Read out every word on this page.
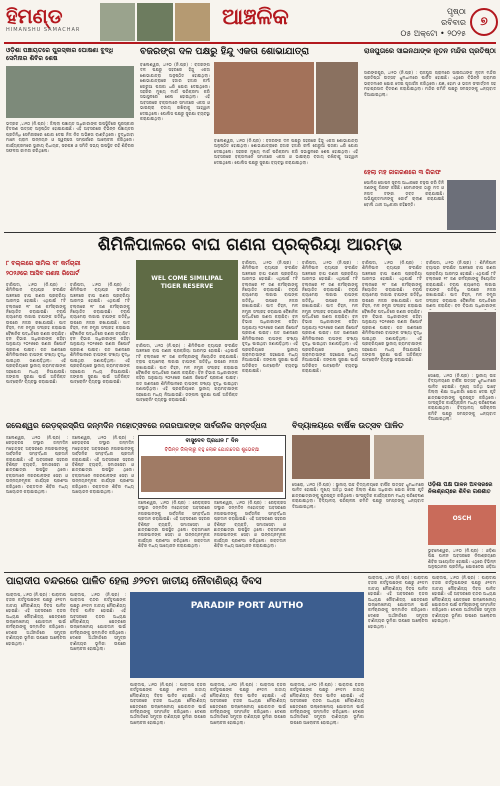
ହିମଣ୍ଡ
HIMANSHU SAMACHAR	ଆଞ୍ଚଳିକ	ପୃଷ୍ଠା
ରବିବାର
୦୫ ଅକ୍ଟୋ • ୨୦୨୫
୭
ଓଡ଼ିଶା ପଞ୍ଚାୟତରେ ପୁରସ୍କାର ଘୋଷଣା ବୁଦ୍ଧି ସେମିନାର ଶିବିର ଶେଷ
ଭଦ୍ରକ ,୪ା୧୦ (ନି.ପ୍ର) : ଜିଲ୍ଲା ପଞ୍ଚାୟତ ଅଧିକାରୀଙ୍କ ଉପସ୍ଥିତିରେ ପୁରସ୍କାର ବିତରଣ ଉତ୍ସବ ଅନୁଷ୍ଠିତ ହୋଇଯାଇଛି। ଏହି ଅବସରରେ ବିଭିନ୍ନ ପଞ୍ଚାୟତର ପ୍ରତିନିଧି ସେମିନାରରେ ଯୋଗ ଦେଇ ନିଜ ନିଜ ଅଭିଜ୍ଞତା ବାଣ୍ଟିଥିଲେ। ବୁଦ୍ଧିଜୀବୀ ମାନେ ଗ୍ରାମ ଉନ୍ନୟନ ଓ ସ୍ୱଚ୍ଛତା ସମ୍ପର୍କରେ ଆଲୋଚନା କରିଥିଲେ। କାର୍ଯ୍ୟକ୍ରମରେ ସ୍ଥାନୀୟ ବିଧାୟକ, ସରପଞ୍ଚ ଓ ସମିତି ସଭ୍ୟ ଉପସ୍ଥିତ ରହି ଶିବିରର ସଫଳତା କାମନା କରିଥିଲେ।
ବଜରଙ୍ଗ ଦଳ ପକ୍ଷରୁ ହିନ୍ଦୁ ଏକତା ଶୋଭାଯାତ୍ରା
ବାଲେଶ୍ୱର, ୪ା୧୦ (ନି.ପ୍ର) : ବଜରଙ୍ଗ ଦଳ ପକ୍ଷରୁ ସହରରେ ହିନ୍ଦୁ ଏକତା ଶୋଭାଯାତ୍ରା ଅନୁଷ୍ଠିତ ହୋଇଥିଲା। ଶୋଭାଯାତ୍ରାରେ ହଜାର ହଜାର କର୍ମୀ ଗେରୁଆ ପତାକା ଧରି ଯୋଗ ଦେଇଥିଲେ। ସହରର ମୁଖ୍ୟ ମାର୍ଗ ପରିକ୍ରମା କରି ସଭାସ୍ଥଳରେ ଶେଷ ହୋଇଥିଲା। ଏହି ଅବସରରେ ବକ୍ତାମାନେ ସମାଜରେ ଏକତା ଓ ଭାଇଚାରା ବଜାୟ ରଖିବାକୁ ଆହ୍ୱାନ ଦେଇଥିଲେ। ପୋଲିସ ପକ୍ଷରୁ ସୁରକ୍ଷା ବ୍ୟବସ୍ଥା କରାଯାଇଥିଲା।
ବାଲେଶ୍ୱର, ୪ା୧୦ (ନି.ପ୍ର) : ବଜରଙ୍ଗ ଦଳ ପକ୍ଷରୁ ସହରରେ ହିନ୍ଦୁ ଏକତା ଶୋଭାଯାତ୍ରା ଅନୁଷ୍ଠିତ ହୋଇଥିଲା। ଶୋଭାଯାତ୍ରାରେ ହଜାର ହଜାର କର୍ମୀ ଗେରୁଆ ପତାକା ଧରି ଯୋଗ ଦେଇଥିଲେ। ସହରର ମୁଖ୍ୟ ମାର୍ଗ ପରିକ୍ରମା କରି ସଭାସ୍ଥଳରେ ଶେଷ ହୋଇଥିଲା। ଏହି ଅବସରରେ ବକ୍ତାମାନେ ସମାଜରେ ଏକତା ଓ ଭାଇଚାରା ବଜାୟ ରଖିବାକୁ ଆହ୍ୱାନ ଦେଇଥିଲେ। ପୋଲିସ ପକ୍ଷରୁ ସୁରକ୍ଷା ବ୍ୟବସ୍ଥା କରାଯାଇଥିଲା।
ରାଜପୁତାରେ ସାଇନଥାଙ୍କ ନୂତନ ମନ୍ଦିର ପ୍ରତିଷ୍ଠା
ସାରଙ୍ଗପୁର, ୪ା୧୦ (ନି.ପ୍ର) : ରାଜପୁତା ଗ୍ରାମରେ ସାଇନାଥଙ୍କ ନୂତନ ମନ୍ଦିର ପ୍ରତିଷ୍ଠା ଉତ୍ସବ ଧୁମଧାମରେ ପାଳିତ ହୋଇଛି। ଏଥିରେ ବିଭିନ୍ନ ଗ୍ରାମର ଭକ୍ତମାନେ ଯୋଗ ଦେଇ ପୂଜାର୍ଚ୍ଚନା କରିଥିଲେ। ଯଜ୍ଞ, ହୋମ ଓ ଭଜନ ସଂକୀର୍ତ୍ତନ ସହ ମହାପ୍ରସାଦ ବିତରଣ କରାଯାଇଥିଲା। ମନ୍ଦିର କମିଟି ପକ୍ଷରୁ ସମସ୍ତଙ୍କୁ ଧନ୍ୟବାଦ ଦିଆଯାଇଥିଲା।
ହେଲା ମହ ଜାଗରଣରେ ୩ ଗିରଫ
ପୋଲିସ ଗୋପନ ସୂଚନା ଆଧାରରେ ଚଢ଼ଉ କରି ତିନି ଜଣଙ୍କୁ ଗିରଫ କରିଛି। ସେମାନଙ୍କ ଠାରୁ ମଦ ଓ ନଗଦ ଟଙ୍କା ଜବତ କରାଯାଇଛି। ଅଭିଯୁକ୍ତମାନଙ୍କୁ କୋର୍ଟ ଚାଲାଣ କରାଯାଇଛି ବୋଲି ଥାନା ଅଧିକାରୀ କହିଛନ୍ତି।
ଶିମିଳିପାଳରେ ବାଘ ଗଣନା ପ୍ରକ୍ରିୟା ଆରମ୍ଭ
୮ ବଲ୍ଲରେ ସାମିଲ ୧୮ କର୍ମଚାରୀ
୨୦୨୬ରେ ଆସିବ ଗଣନା ରିପୋର୍ଟ
ବାରିପଦା, ୪ା୧୦ (ନି.ପ୍ର) : ଶିମିଳିପାଳ ବ୍ୟାଘ୍ର ସଂରକ୍ଷିତ ଅଞ୍ଚଳରେ ବାଘ ଗଣନା ପ୍ରକ୍ରିୟା ଆରମ୍ଭ ହୋଇଛି। ଏଥିପାଇଁ ୮ଟି ବଲ୍ଲରେ ୧୮ ଜଣ କର୍ମଚାରୀଙ୍କୁ ନିୟୋଜିତ କରାଯାଇଛି। ଟ୍ରାପ କ୍ୟାମେରା ଲଗାଇ ବାଘଙ୍କ ଗତିବିଧି ଉପରେ ନଜର ରଖାଯାଉଛି। ପାଦ ଚିହ୍ନ, ମଳ ନମୁନା ସଂଗ୍ରହ କରାଯାଇ ବୈଜ୍ଞାନିକ ପଦ୍ଧତିରେ ଗଣନା କରାଯିବ। ବନ ବିଭାଗ ଅଧିକାରୀଙ୍କ କହିବା ଅନୁଯାୟୀ ୨୦୨୬ରେ ଗଣନା ରିପୋର୍ଟ ପ୍ରକାଶ ପାଇବ। ଗତ ଗଣନାରେ ଶିମିଳିପାଳରେ ବାଘଙ୍କ ସଂଖ୍ୟା ବୃଦ୍ଧି ପାଇଥିବା ଜଣାପଡ଼ିଥିଲା। ଏହି ପ୍ରକ୍ରିୟାରେ ସ୍ଥାନୀୟ ଗ୍ରାମବାସୀଙ୍କ ସହଯୋଗ ମଧ୍ୟ ନିଆଯାଉଛି। ଜଙ୍ଗଲ ସୁରକ୍ଷା ପାଇଁ ଅତିରିକ୍ତ ପାଟ୍ରୋଲିଂ ବ୍ୟବସ୍ଥା କରାଯାଇଛି।
ବାରିପଦା, ୪ା୧୦ (ନି.ପ୍ର) : ଶିମିଳିପାଳ ବ୍ୟାଘ୍ର ସଂରକ୍ଷିତ ଅଞ୍ଚଳରେ ବାଘ ଗଣନା ପ୍ରକ୍ରିୟା ଆରମ୍ଭ ହୋଇଛି। ଏଥିପାଇଁ ୮ଟି ବଲ୍ଲରେ ୧୮ ଜଣ କର୍ମଚାରୀଙ୍କୁ ନିୟୋଜିତ କରାଯାଇଛି। ଟ୍ରାପ କ୍ୟାମେରା ଲଗାଇ ବାଘଙ୍କ ଗତିବିଧି ଉପରେ ନଜର ରଖାଯାଉଛି। ପାଦ ଚିହ୍ନ, ମଳ ନମୁନା ସଂଗ୍ରହ କରାଯାଇ ବୈଜ୍ଞାନିକ ପଦ୍ଧତିରେ ଗଣନା କରାଯିବ। ବନ ବିଭାଗ ଅଧିକାରୀଙ୍କ କହିବା ଅନୁଯାୟୀ ୨୦୨୬ରେ ଗଣନା ରିପୋର୍ଟ ପ୍ରକାଶ ପାଇବ। ଗତ ଗଣନାରେ ଶିମିଳିପାଳରେ ବାଘଙ୍କ ସଂଖ୍ୟା ବୃଦ୍ଧି ପାଇଥିବା ଜଣାପଡ଼ିଥିଲା। ଏହି ପ୍ରକ୍ରିୟାରେ ସ୍ଥାନୀୟ ଗ୍ରାମବାସୀଙ୍କ ସହଯୋଗ ମଧ୍ୟ ନିଆଯାଉଛି। ଜଙ୍ଗଲ ସୁରକ୍ଷା ପାଇଁ ଅତିରିକ୍ତ ପାଟ୍ରୋଲିଂ ବ୍ୟବସ୍ଥା କରାଯାଇଛି।
WEL COME SIMILIPAL TIGER RESERVE
ବାରିପଦା, ୪ା୧୦ (ନି.ପ୍ର) : ଶିମିଳିପାଳ ବ୍ୟାଘ୍ର ସଂରକ୍ଷିତ ଅଞ୍ଚଳରେ ବାଘ ଗଣନା ପ୍ରକ୍ରିୟା ଆରମ୍ଭ ହୋଇଛି। ଏଥିପାଇଁ ୮ଟି ବଲ୍ଲରେ ୧୮ ଜଣ କର୍ମଚାରୀଙ୍କୁ ନିୟୋଜିତ କରାଯାଇଛି। ଟ୍ରାପ କ୍ୟାମେରା ଲଗାଇ ବାଘଙ୍କ ଗତିବିଧି ଉପରେ ନଜର ରଖାଯାଉଛି। ପାଦ ଚିହ୍ନ, ମଳ ନମୁନା ସଂଗ୍ରହ କରାଯାଇ ବୈଜ୍ଞାନିକ ପଦ୍ଧତିରେ ଗଣନା କରାଯିବ। ବନ ବିଭାଗ ଅଧିକାରୀଙ୍କ କହିବା ଅନୁଯାୟୀ ୨୦୨୬ରେ ଗଣନା ରିପୋର୍ଟ ପ୍ରକାଶ ପାଇବ। ଗତ ଗଣନାରେ ଶିମିଳିପାଳରେ ବାଘଙ୍କ ସଂଖ୍ୟା ବୃଦ୍ଧି ପାଇଥିବା ଜଣାପଡ଼ିଥିଲା। ଏହି ପ୍ରକ୍ରିୟାରେ ସ୍ଥାନୀୟ ଗ୍ରାମବାସୀଙ୍କ ସହଯୋଗ ମଧ୍ୟ ନିଆଯାଉଛି। ଜଙ୍ଗଲ ସୁରକ୍ଷା ପାଇଁ ଅତିରିକ୍ତ ପାଟ୍ରୋଲିଂ ବ୍ୟବସ୍ଥା କରାଯାଇଛି।
ବାରିପଦା, ୪ା୧୦ (ନି.ପ୍ର) : ଶିମିଳିପାଳ ବ୍ୟାଘ୍ର ସଂରକ୍ଷିତ ଅଞ୍ଚଳରେ ବାଘ ଗଣନା ପ୍ରକ୍ରିୟା ଆରମ୍ଭ ହୋଇଛି। ଏଥିପାଇଁ ୮ଟି ବଲ୍ଲରେ ୧୮ ଜଣ କର୍ମଚାରୀଙ୍କୁ ନିୟୋଜିତ କରାଯାଇଛି। ଟ୍ରାପ କ୍ୟାମେରା ଲଗାଇ ବାଘଙ୍କ ଗତିବିଧି ଉପରେ ନଜର ରଖାଯାଉଛି। ପାଦ ଚିହ୍ନ, ମଳ ନମୁନା ସଂଗ୍ରହ କରାଯାଇ ବୈଜ୍ଞାନିକ ପଦ୍ଧତିରେ ଗଣନା କରାଯିବ। ବନ ବିଭାଗ ଅଧିକାରୀଙ୍କ କହିବା ଅନୁଯାୟୀ ୨୦୨୬ରେ ଗଣନା ରିପୋର୍ଟ ପ୍ରକାଶ ପାଇବ। ଗତ ଗଣନାରେ ଶିମିଳିପାଳରେ ବାଘଙ୍କ ସଂଖ୍ୟା ବୃଦ୍ଧି ପାଇଥିବା ଜଣାପଡ଼ିଥିଲା। ଏହି ପ୍ରକ୍ରିୟାରେ ସ୍ଥାନୀୟ ଗ୍ରାମବାସୀଙ୍କ ସହଯୋଗ ମଧ୍ୟ ନିଆଯାଉଛି। ଜଙ୍ଗଲ ସୁରକ୍ଷା ପାଇଁ ଅତିରିକ୍ତ ପାଟ୍ରୋଲିଂ ବ୍ୟବସ୍ଥା କରାଯାଇଛି।
ବାରିପଦା, ୪ା୧୦ (ନି.ପ୍ର) : ଶିମିଳିପାଳ ବ୍ୟାଘ୍ର ସଂରକ୍ଷିତ ଅଞ୍ଚଳରେ ବାଘ ଗଣନା ପ୍ରକ୍ରିୟା ଆରମ୍ଭ ହୋଇଛି। ଏଥିପାଇଁ ୮ଟି ବଲ୍ଲରେ ୧୮ ଜଣ କର୍ମଚାରୀଙ୍କୁ ନିୟୋଜିତ କରାଯାଇଛି। ଟ୍ରାପ କ୍ୟାମେରା ଲଗାଇ ବାଘଙ୍କ ଗତିବିଧି ଉପରେ ନଜର ରଖାଯାଉଛି। ପାଦ ଚିହ୍ନ, ମଳ ନମୁନା ସଂଗ୍ରହ କରାଯାଇ ବୈଜ୍ଞାନିକ ପଦ୍ଧତିରେ ଗଣନା କରାଯିବ। ବନ ବିଭାଗ ଅଧିକାରୀଙ୍କ କହିବା ଅନୁଯାୟୀ ୨୦୨୬ରେ ଗଣନା ରିପୋର୍ଟ ପ୍ରକାଶ ପାଇବ। ଗତ ଗଣନାରେ ଶିମିଳିପାଳରେ ବାଘଙ୍କ ସଂଖ୍ୟା ବୃଦ୍ଧି ପାଇଥିବା ଜଣାପଡ଼ିଥିଲା। ଏହି ପ୍ରକ୍ରିୟାରେ ସ୍ଥାନୀୟ ଗ୍ରାମବାସୀଙ୍କ ସହଯୋଗ ମଧ୍ୟ ନିଆଯାଉଛି। ଜଙ୍ଗଲ ସୁରକ୍ଷା ପାଇଁ ଅତିରିକ୍ତ ପାଟ୍ରୋଲିଂ ବ୍ୟବସ୍ଥା କରାଯାଇଛି।
ବାରିପଦା, ୪ା୧୦ (ନି.ପ୍ର) : ଶିମିଳିପାଳ ବ୍ୟାଘ୍ର ସଂରକ୍ଷିତ ଅଞ୍ଚଳରେ ବାଘ ଗଣନା ପ୍ରକ୍ରିୟା ଆରମ୍ଭ ହୋଇଛି। ଏଥିପାଇଁ ୮ଟି ବଲ୍ଲରେ ୧୮ ଜଣ କର୍ମଚାରୀଙ୍କୁ ନିୟୋଜିତ କରାଯାଇଛି। ଟ୍ରାପ କ୍ୟାମେରା ଲଗାଇ ବାଘଙ୍କ ଗତିବିଧି ଉପରେ ନଜର ରଖାଯାଉଛି। ପାଦ ଚିହ୍ନ, ମଳ ନମୁନା ସଂଗ୍ରହ କରାଯାଇ ବୈଜ୍ଞାନିକ ପଦ୍ଧତିରେ ଗଣନା କରାଯିବ। ବନ ବିଭାଗ ଅଧିକାରୀଙ୍କ କହିବା ଅନୁଯାୟୀ ୨୦୨୬ରେ ଗଣନା ରିପୋର୍ଟ ପ୍ରକାଶ ପାଇବ। ଗତ ଗଣନାରେ ଶିମିଳିପାଳରେ ବାଘଙ୍କ ସଂଖ୍ୟା ବୃଦ୍ଧି ପାଇଥିବା ଜଣାପଡ଼ିଥିଲା। ଏହି ପ୍ରକ୍ରିୟାରେ ସ୍ଥାନୀୟ ଗ୍ରାମବାସୀଙ୍କ ସହଯୋଗ ମଧ୍ୟ ନିଆଯାଉଛି। ଜଙ୍ଗଲ ସୁରକ୍ଷା ପାଇଁ ଅତିରିକ୍ତ ପାଟ୍ରୋଲିଂ ବ୍ୟବସ୍ଥା କରାଯାଇଛି।
ବାରିପଦା, ୪ା୧୦ (ନି.ପ୍ର) : ଶିମିଳିପାଳ ବ୍ୟାଘ୍ର ସଂରକ୍ଷିତ ଅଞ୍ଚଳରେ ବାଘ ଗଣନା ପ୍ରକ୍ରିୟା ଆରମ୍ଭ ହୋଇଛି। ଏଥିପାଇଁ ୮ଟି ବଲ୍ଲରେ ୧୮ ଜଣ କର୍ମଚାରୀଙ୍କୁ ନିୟୋଜିତ କରାଯାଇଛି। ଟ୍ରାପ କ୍ୟାମେରା ଲଗାଇ ବାଘଙ୍କ ଗତିବିଧି ଉପରେ ନଜର ରଖାଯାଉଛି। ପାଦ ଚିହ୍ନ, ମଳ ନମୁନା ସଂଗ୍ରହ କରାଯାଇ ବୈଜ୍ଞାନିକ ପଦ୍ଧତିରେ ଗଣନା କରାଯିବ। ବନ ବିଭାଗ ଅଧିକାରୀଙ୍କ
ଜଲେଶ୍ୱର ରେଡ଼କ୍ରସ୍ରିପ ଜନ୍ମଦିନ ମହୋତ୍ସବରେ ନଗରପାଳଙ୍କ ସାର୍ବଜନିକ ସମ୍ବର୍ଦ୍ଧନା
ଜଲେଶ୍ୱର, ୪ା୧୦ (ନି.ପ୍ର) : ରେଡ଼କ୍ରସ ସଂସ୍ଥାର ଜନ୍ମଦିନ ମହୋତ୍ସବ ଅବସରରେ ନଗରପାଳଙ୍କୁ ସାର୍ବଜନିକ ସମ୍ବର୍ଦ୍ଧନା ପ୍ରଦାନ କରାଯାଇଛି। ଏହି ଅବସରରେ ସହରର ବିଶିଷ୍ଟ ବ୍ୟକ୍ତି, ସମାଜସେବୀ ଓ ଛାତ୍ରଛାତ୍ରୀ ଉପସ୍ଥିତ ଥିଲେ। ବକ୍ତାମାନେ ନଗରପାଳଙ୍କ ସେବା ଓ ଉନ୍ନୟନମୂଳକ କାର୍ଯ୍ୟର ପ୍ରଶଂସା କରିଥିଲେ। ରକ୍ତଦାନ ଶିବିର ମଧ୍ୟ ଆୟୋଜନ କରାଯାଇଥିଲା।
ଜଲେଶ୍ୱର, ୪ା୧୦ (ନି.ପ୍ର) : ରେଡ଼କ୍ରସ ସଂସ୍ଥାର ଜନ୍ମଦିନ ମହୋତ୍ସବ ଅବସରରେ ନଗରପାଳଙ୍କୁ ସାର୍ବଜନିକ ସମ୍ବର୍ଦ୍ଧନା ପ୍ରଦାନ କରାଯାଇଛି। ଏହି ଅବସରରେ ସହରର ବିଶିଷ୍ଟ ବ୍ୟକ୍ତି, ସମାଜସେବୀ ଓ ଛାତ୍ରଛାତ୍ରୀ ଉପସ୍ଥିତ ଥିଲେ। ବକ୍ତାମାନେ ନଗରପାଳଙ୍କ ସେବା ଓ ଉନ୍ନୟନମୂଳକ କାର୍ଯ୍ୟର ପ୍ରଶଂସା କରିଥିଲେ। ରକ୍ତଦାନ ଶିବିର ମଧ୍ୟ ଆୟୋଜନ କରାଯାଇଥିଲା।
ବାସୁଦେବ ପ୍ରଧାନ ୮ ଦିନ
ବିଭିନ୍ନ ଜିଲ୍ଲାରୁ ବହୁ ଲୋକ ଯୋଗଦେଇ ଶୁଭେଚ୍ଛା
ଜଲେଶ୍ୱର, ୪ା୧୦ (ନି.ପ୍ର) : ରେଡ଼କ୍ରସ ସଂସ୍ଥାର ଜନ୍ମଦିନ ମହୋତ୍ସବ ଅବସରରେ ନଗରପାଳଙ୍କୁ ସାର୍ବଜନିକ ସମ୍ବର୍ଦ୍ଧନା ପ୍ରଦାନ କରାଯାଇଛି। ଏହି ଅବସରରେ ସହରର ବିଶିଷ୍ଟ ବ୍ୟକ୍ତି, ସମାଜସେବୀ ଓ ଛାତ୍ରଛାତ୍ରୀ ଉପସ୍ଥିତ ଥିଲେ। ବକ୍ତାମାନେ ନଗରପାଳଙ୍କ ସେବା ଓ ଉନ୍ନୟନମୂଳକ କାର୍ଯ୍ୟର ପ୍ରଶଂସା କରିଥିଲେ। ରକ୍ତଦାନ ଶିବିର ମଧ୍ୟ ଆୟୋଜନ କରାଯାଇଥିଲା।
ଜଲେଶ୍ୱର, ୪ା୧୦ (ନି.ପ୍ର) : ରେଡ଼କ୍ରସ ସଂସ୍ଥାର ଜନ୍ମଦିନ ମହୋତ୍ସବ ଅବସରରେ ନଗରପାଳଙ୍କୁ ସାର୍ବଜନିକ ସମ୍ବର୍ଦ୍ଧନା ପ୍ରଦାନ କରାଯାଇଛି। ଏହି ଅବସରରେ ସହରର ବିଶିଷ୍ଟ ବ୍ୟକ୍ତି, ସମାଜସେବୀ ଓ ଛାତ୍ରଛାତ୍ରୀ ଉପସ୍ଥିତ ଥିଲେ। ବକ୍ତାମାନେ ନଗରପାଳଙ୍କ ସେବା ଓ ଉନ୍ନୟନମୂଳକ କାର୍ଯ୍ୟର ପ୍ରଶଂସା କରିଥିଲେ। ରକ୍ତଦାନ ଶିବିର ମଧ୍ୟ ଆୟୋଜନ କରାଯାଇଥିଲା।
ବିଦ୍ୟାଳୟରେ ବାର୍ଷିକ ଉତ୍ସବ ପାଳିତ
ସୋରୋ, ୪ା୧୦ (ନି.ପ୍ର) : ସ୍ଥାନୀୟ ଉଚ୍ଚ ବିଦ୍ୟାଳୟରେ ବାର୍ଷିକ ଉତ୍ସବ ଧୁମଧାମରେ ପାଳିତ ହୋଇଛି। ମୁଖ୍ୟ ଅତିଥି ଭାବେ ଜିଲ୍ଲା ଶିକ୍ଷା ଅଧିକାରୀ ଯୋଗ ଦେଇ କୃତି ଛାତ୍ରଛାତ୍ରୀଙ୍କୁ ପୁରସ୍କୃତ କରିଥିଲେ। ସାଂସ୍କୃତିକ କାର୍ଯ୍ୟକ୍ରମ ମଧ୍ୟ ପରିବେଷଣ କରାଯାଇଥିଲା। ବିଦ୍ୟାଳୟ ପରିଚାଳନା କମିଟି ପକ୍ଷରୁ ସମସ୍ତଙ୍କୁ ଧନ୍ୟବାଦ ଦିଆଯାଇଥିଲା।
ସୋରୋ, ୪ା୧୦ (ନି.ପ୍ର) : ସ୍ଥାନୀୟ ଉଚ୍ଚ ବିଦ୍ୟାଳୟରେ ବାର୍ଷିକ ଉତ୍ସବ ଧୁମଧାମରେ ପାଳିତ ହୋଇଛି। ମୁଖ୍ୟ ଅତିଥି ଭାବେ ଜିଲ୍ଲା ଶିକ୍ଷା ଅଧିକାରୀ ଯୋଗ ଦେଇ କୃତି ଛାତ୍ରଛାତ୍ରୀଙ୍କୁ ପୁରସ୍କୃତ କରିଥିଲେ। ସାଂସ୍କୃତିକ କାର୍ଯ୍ୟକ୍ରମ ମଧ୍ୟ ପରିବେଷଣ କରାଯାଇଥିଲା। ବିଦ୍ୟାଳୟ ପରିଚାଳନା କମିଟି ପକ୍ଷରୁ ସମସ୍ତଙ୍କୁ ଧନ୍ୟବାଦ ଦିଆଯାଇଥିଲା।
ଓଡ଼ିଶା ପକ୍ଷ ପାଳନ ଅବସରରେ ନିଳାଶ୍ରୟରେ ଶିବିର ଗଣଶୀତ
OSCH
ଭୁବନେଶ୍ୱର, ୪ା୧୦ (ନି.ପ୍ର) : ଓଡ଼ିଶା ପକ୍ଷ ପାଳନ ଅବସରରେ ନିଳାଶ୍ରୟରେ ଶିବିର ଆୟୋଜିତ ହୋଇଛି। ଏଥିରେ ବିଭିନ୍ନ ଅନୁଷ୍ଠାନର ପ୍ରତିନିଧି ଯୋଗଦେଇ ଓଡ଼ିଆ
ପାରାଦୀପ ବନ୍ଦରରେ ପାଳିତ ହେଲା ୬୨ତମ ଜାତୀୟ ନୌବାଣିଜ୍ୟ ଦିବସ
ପାରାଦୀପ, ୪ା୧୦ (ନି.ପ୍ର) : ପାରାଦୀପ ବନ୍ଦର କର୍ତ୍ତୃପକ୍ଷଙ୍କ ପକ୍ଷରୁ ୬୨ତମ ଜାତୀୟ ନୌବାଣିଜ୍ୟ ଦିବସ ପାଳିତ ହୋଇଛି। ଏହି ଅବସରରେ ବନ୍ଦର ଅଧ୍ୟକ୍ଷ ନୌବାଣିଜ୍ୟ କ୍ଷେତ୍ରରେ ଉଲ୍ଲେଖନୀୟ ଯୋଗଦାନ ପାଇଁ କର୍ମଚାରୀଙ୍କୁ ସମ୍ମାନିତ କରିଥିଲେ। ଦେଶର ଅର୍ଥନୀତିରେ ସମୁଦ୍ର ବାଣିଜ୍ୟର ଭୂମିକା ଉପରେ ଆଲୋଚନା ହୋଇଥିଲା।
ପାରାଦୀପ, ୪ା୧୦ (ନି.ପ୍ର) : ପାରାଦୀପ ବନ୍ଦର କର୍ତ୍ତୃପକ୍ଷଙ୍କ ପକ୍ଷରୁ ୬୨ତମ ଜାତୀୟ ନୌବାଣିଜ୍ୟ ଦିବସ ପାଳିତ ହୋଇଛି। ଏହି ଅବସରରେ ବନ୍ଦର ଅଧ୍ୟକ୍ଷ ନୌବାଣିଜ୍ୟ କ୍ଷେତ୍ରରେ ଉଲ୍ଲେଖନୀୟ ଯୋଗଦାନ ପାଇଁ କର୍ମଚାରୀଙ୍କୁ ସମ୍ମାନିତ କରିଥିଲେ। ଦେଶର ଅର୍ଥନୀତିରେ ସମୁଦ୍ର ବାଣିଜ୍ୟର ଭୂମିକା ଉପରେ ଆଲୋଚନା ହୋଇଥିଲା।
PARADIP PORT AUTHO
ପାରାଦୀପ, ୪ା୧୦ (ନି.ପ୍ର) : ପାରାଦୀପ ବନ୍ଦର କର୍ତ୍ତୃପକ୍ଷଙ୍କ ପକ୍ଷରୁ ୬୨ତମ ଜାତୀୟ ନୌବାଣିଜ୍ୟ ଦିବସ ପାଳିତ ହୋଇଛି। ଏହି ଅବସରରେ ବନ୍ଦର ଅଧ୍ୟକ୍ଷ ନୌବାଣିଜ୍ୟ କ୍ଷେତ୍ରରେ ଉଲ୍ଲେଖନୀୟ ଯୋଗଦାନ ପାଇଁ କର୍ମଚାରୀଙ୍କୁ ସମ୍ମାନିତ କରିଥିଲେ। ଦେଶର ଅର୍ଥନୀତିରେ ସମୁଦ୍ର ବାଣିଜ୍ୟର ଭୂମିକା ଉପରେ ଆଲୋଚନା ହୋଇଥିଲା।
ପାରାଦୀପ, ୪ା୧୦ (ନି.ପ୍ର) : ପାରାଦୀପ ବନ୍ଦର କର୍ତ୍ତୃପକ୍ଷଙ୍କ ପକ୍ଷରୁ ୬୨ତମ ଜାତୀୟ ନୌବାଣିଜ୍ୟ ଦିବସ ପାଳିତ ହୋଇଛି। ଏହି ଅବସରରେ ବନ୍ଦର ଅଧ୍ୟକ୍ଷ ନୌବାଣିଜ୍ୟ କ୍ଷେତ୍ରରେ ଉଲ୍ଲେଖନୀୟ ଯୋଗଦାନ ପାଇଁ କର୍ମଚାରୀଙ୍କୁ ସମ୍ମାନିତ କରିଥିଲେ। ଦେଶର ଅର୍ଥନୀତିରେ ସମୁଦ୍ର ବାଣିଜ୍ୟର ଭୂମିକା ଉପରେ ଆଲୋଚନା ହୋଇଥିଲା।
ପାରାଦୀପ, ୪ା୧୦ (ନି.ପ୍ର) : ପାରାଦୀପ ବନ୍ଦର କର୍ତ୍ତୃପକ୍ଷଙ୍କ ପକ୍ଷରୁ ୬୨ତମ ଜାତୀୟ ନୌବାଣିଜ୍ୟ ଦିବସ ପାଳିତ ହୋଇଛି। ଏହି ଅବସରରେ ବନ୍ଦର ଅଧ୍ୟକ୍ଷ ନୌବାଣିଜ୍ୟ କ୍ଷେତ୍ରରେ ଉଲ୍ଲେଖନୀୟ ଯୋଗଦାନ ପାଇଁ କର୍ମଚାରୀଙ୍କୁ ସମ୍ମାନିତ କରିଥିଲେ। ଦେଶର ଅର୍ଥନୀତିରେ ସମୁଦ୍ର ବାଣିଜ୍ୟର ଭୂମିକା ଉପରେ ଆଲୋଚନା ହୋଇଥିଲା।
ପାରାଦୀପ, ୪ା୧୦ (ନି.ପ୍ର) : ପାରାଦୀପ ବନ୍ଦର କର୍ତ୍ତୃପକ୍ଷଙ୍କ ପକ୍ଷରୁ ୬୨ତମ ଜାତୀୟ ନୌବାଣିଜ୍ୟ ଦିବସ ପାଳିତ ହୋଇଛି। ଏହି ଅବସରରେ ବନ୍ଦର ଅଧ୍ୟକ୍ଷ ନୌବାଣିଜ୍ୟ କ୍ଷେତ୍ରରେ ଉଲ୍ଲେଖନୀୟ ଯୋଗଦାନ ପାଇଁ କର୍ମଚାରୀଙ୍କୁ ସମ୍ମାନିତ କରିଥିଲେ। ଦେଶର ଅର୍ଥନୀତିରେ ସମୁଦ୍ର ବାଣିଜ୍ୟର ଭୂମିକା ଉପରେ ଆଲୋଚନା ହୋଇଥିଲା।
ପାରାଦୀପ, ୪ା୧୦ (ନି.ପ୍ର) : ପାରାଦୀପ ବନ୍ଦର କର୍ତ୍ତୃପକ୍ଷଙ୍କ ପକ୍ଷରୁ ୬୨ତମ ଜାତୀୟ ନୌବାଣିଜ୍ୟ ଦିବସ ପାଳିତ ହୋଇଛି। ଏହି ଅବସରରେ ବନ୍ଦର ଅଧ୍ୟକ୍ଷ ନୌବାଣିଜ୍ୟ କ୍ଷେତ୍ରରେ ଉଲ୍ଲେଖନୀୟ ଯୋଗଦାନ ପାଇଁ କର୍ମଚାରୀଙ୍କୁ ସମ୍ମାନିତ କରିଥିଲେ। ଦେଶର ଅର୍ଥନୀତିରେ ସମୁଦ୍ର ବାଣିଜ୍ୟର ଭୂମିକା ଉପରେ ଆଲୋଚନା ହୋଇଥିଲା।
